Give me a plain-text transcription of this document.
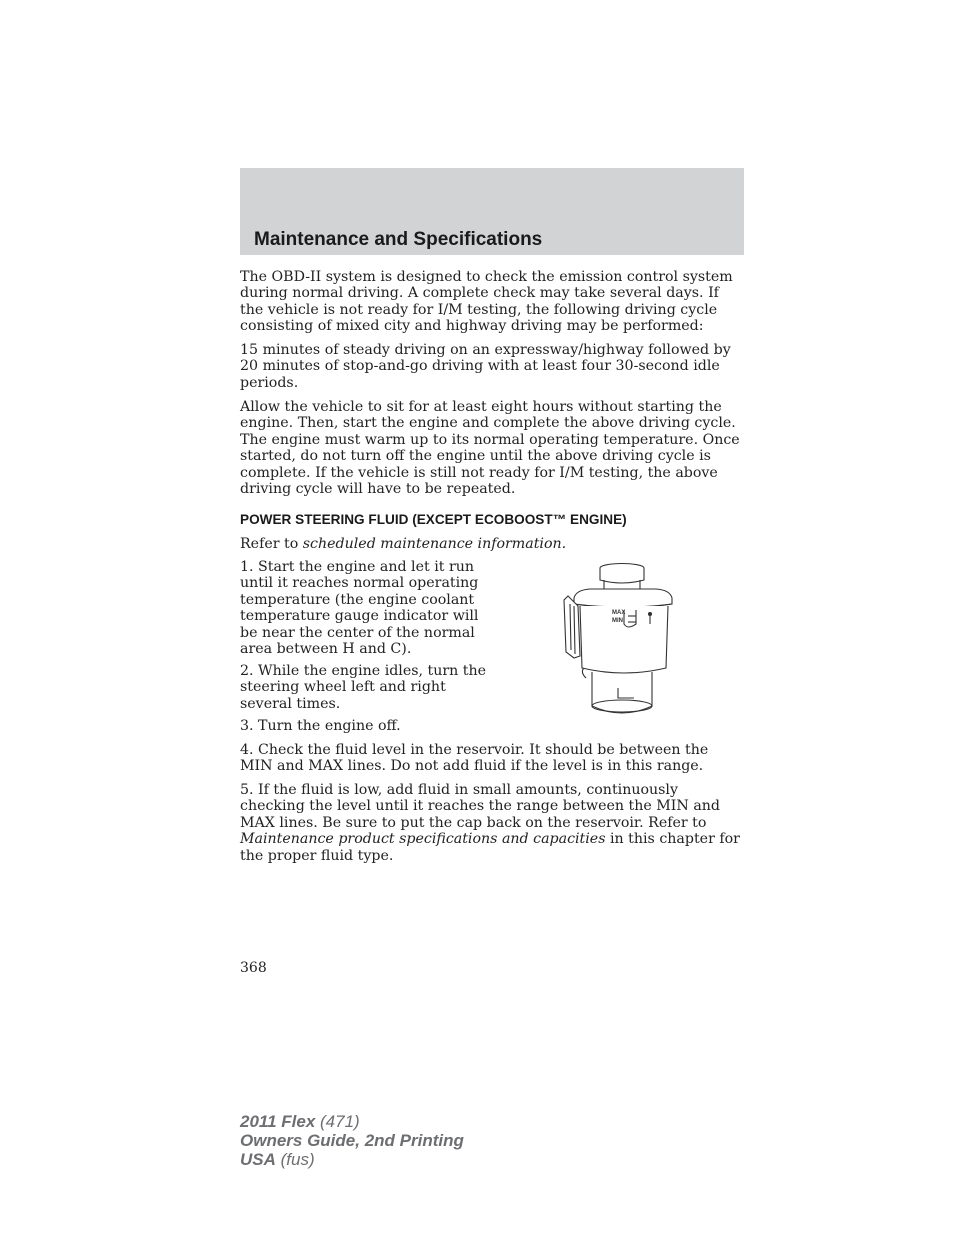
Maintenance and Specifications

The OBD-II system is designed to check the emission control system during normal driving. A complete check may take several days. If the vehicle is not ready for I/M testing, the following driving cycle consisting of mixed city and highway driving may be performed:

15 minutes of steady driving on an expressway/highway followed by 20 minutes of stop-and-go driving with at least four 30-second idle periods.

Allow the vehicle to sit for at least eight hours without starting the engine. Then, start the engine and complete the above driving cycle. The engine must warm up to its normal operating temperature. Once started, do not turn off the engine until the above driving cycle is complete. If the vehicle is still not ready for I/M testing, the above driving cycle will have to be repeated.

POWER STEERING FLUID (EXCEPT ECOBOOST™ ENGINE)

Refer to scheduled maintenance information.

1. Start the engine and let it run until it reaches normal operating temperature (the engine coolant temperature gauge indicator will be near the center of the normal area between H and C).

2. While the engine idles, turn the steering wheel left and right several times.

3. Turn the engine off.

4. Check the fluid level in the reservoir. It should be between the MIN and MAX lines. Do not add fluid if the level is in this range.

5. If the fluid is low, add fluid in small amounts, continuously checking the level until it reaches the range between the MIN and MAX lines. Be sure to put the cap back on the reservoir. Refer to Maintenance product specifications and capacities in this chapter for the proper fluid type.

MAX
MIN
368
2011 Flex (471)
Owners Guide, 2nd Printing
USA (fus)
